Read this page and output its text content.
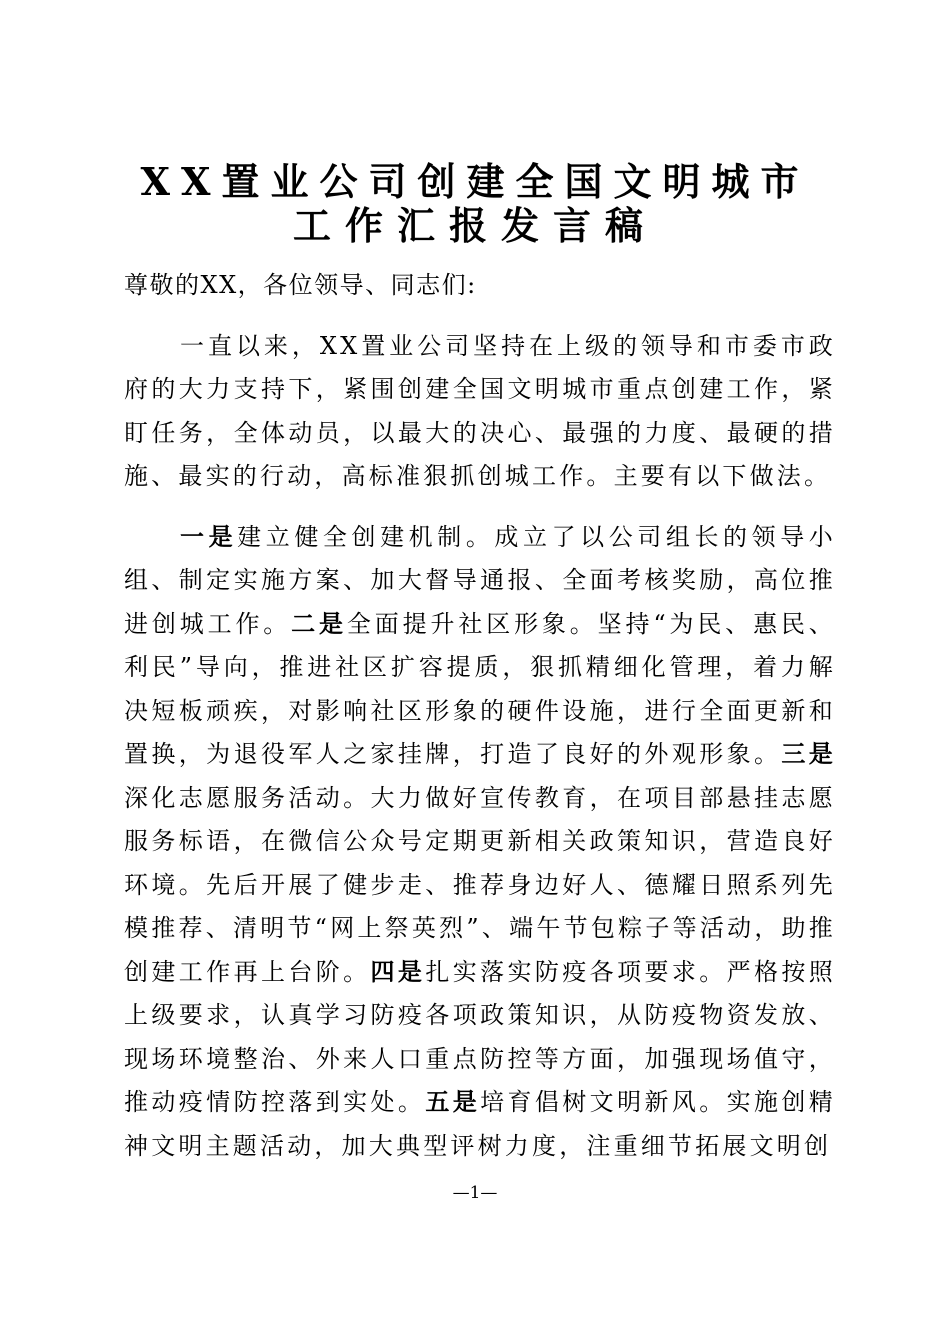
XX置业公司创建全国文明城市
工作汇报发言稿

尊敬的XX，各位领导、同志们:

一直以来，XX置业公司坚持在上级的领导和市委市政府的大力支持下，紧围创建全国文明城市重点创建工作，紧盯任务，全体动员，以最大的决心、最强的力度、最硬的措施、最实的行动，高标准狠抓创城工作。主要有以下做法。

一是建立健全创建机制。成立了以公司组长的领导小组、制定实施方案、加大督导通报、全面考核奖励，高位推进创城工作。二是全面提升社区形象。坚持“为民、惠民、利民”导向，推进社区扩容提质，狠抓精细化管理，着力解决短板顽疾，对影响社区形象的硬件设施，进行全面更新和置换，为退役军人之家挂牌，打造了良好的外观形象。三是深化志愿服务活动。大力做好宣传教育，在项目部悬挂志愿服务标语，在微信公众号定期更新相关政策知识，营造良好环境。先后开展了健步走、推荐身边好人、德耀日照系列先模推荐、清明节“网上祭英烈”、端午节包粽子等活动，助推创建工作再上台阶。四是扎实落实防疫各项要求。严格按照上级要求，认真学习防疫各项政策知识，从防疫物资发放、现场环境整治、外来人口重点防控等方面，加强现场值守，推动疫情防控落到实处。五是培育倡树文明新风。实施创精神文明主题活动，加大典型评树力度，注重细节拓展文明创

—1—
